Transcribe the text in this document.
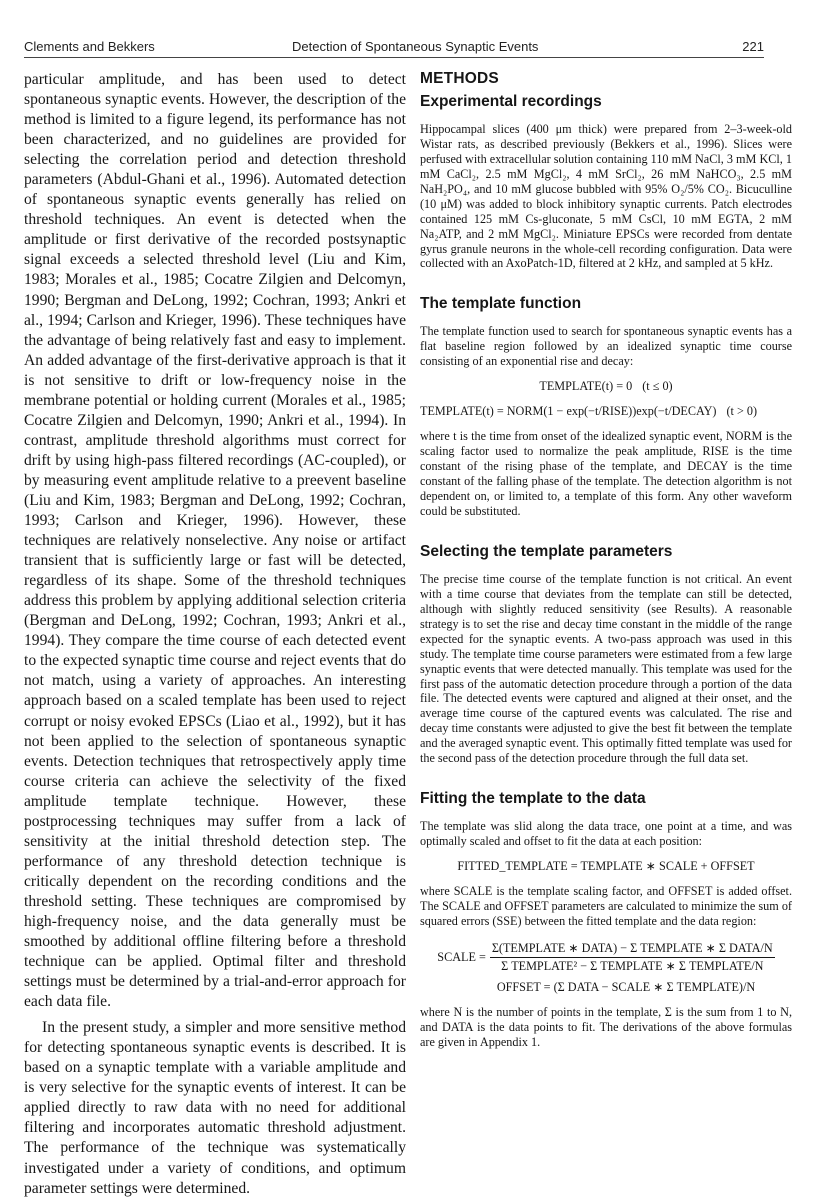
Clements and Bekkers	Detection of Spontaneous Synaptic Events	221

particular amplitude, and has been used to detect spontaneous synaptic events. However, the description of the method is limited to a figure legend, its performance has not been characterized, and no guidelines are provided for selecting the correlation period and detection threshold parameters (Abdul-Ghani et al., 1996). Automated detection of spontaneous synaptic events generally has relied on threshold techniques. An event is detected when the amplitude or first derivative of the recorded postsynaptic signal exceeds a selected threshold level (Liu and Kim, 1983; Morales et al., 1985; Cocatre Zilgien and Delcomyn, 1990; Bergman and DeLong, 1992; Cochran, 1993; Ankri et al., 1994; Carlson and Krieger, 1996). These techniques have the advantage of being relatively fast and easy to implement. An added advantage of the first-derivative approach is that it is not sensitive to drift or low-frequency noise in the membrane potential or holding current (Morales et al., 1985; Cocatre Zilgien and Delcomyn, 1990; Ankri et al., 1994). In contrast, amplitude threshold algorithms must correct for drift by using high-pass filtered recordings (AC-coupled), or by measuring event amplitude relative to a preevent baseline (Liu and Kim, 1983; Bergman and DeLong, 1992; Cochran, 1993; Carlson and Krieger, 1996). However, these techniques are relatively nonselective. Any noise or artifact transient that is sufficiently large or fast will be detected, regardless of its shape. Some of the threshold techniques address this problem by applying additional selection criteria (Bergman and DeLong, 1992; Cochran, 1993; Ankri et al., 1994). They compare the time course of each detected event to the expected synaptic time course and reject events that do not match, using a variety of approaches. An interesting approach based on a scaled template has been used to reject corrupt or noisy evoked EPSCs (Liao et al., 1992), but it has not been applied to the selection of spontaneous synaptic events. Detection techniques that retrospectively apply time course criteria can achieve the selectivity of the fixed amplitude template technique. However, these postprocessing techniques may suffer from a lack of sensitivity at the initial threshold detection step. The performance of any threshold detection technique is critically dependent on the recording conditions and the threshold setting. These techniques are compromised by high-frequency noise, and the data generally must be smoothed by additional offline filtering before a threshold technique can be applied. Optimal filter and threshold settings must be determined by a trial-and-error approach for each data file.

In the present study, a simpler and more sensitive method for detecting spontaneous synaptic events is described. It is based on a synaptic template with a variable amplitude and is very selective for the synaptic events of interest. It can be applied directly to raw data with no need for additional filtering and incorporates automatic threshold adjustment. The performance of the technique was systematically investigated under a variety of conditions, and optimum parameter settings were determined.

METHODS
Experimental recordings

Hippocampal slices (400 μm thick) were prepared from 2–3-week-old Wistar rats, as described previously (Bekkers et al., 1996). Slices were perfused with extracellular solution containing 110 mM NaCl, 3 mM KCl, 1 mM CaCl₂, 2.5 mM MgCl₂, 4 mM SrCl₂, 26 mM NaHCO₃, 2.5 mM NaH₂PO₄, and 10 mM glucose bubbled with 95% O₂/5% CO₂. Bicuculline (10 μM) was added to block inhibitory synaptic currents. Patch electrodes contained 125 mM Cs-gluconate, 5 mM CsCl, 10 mM EGTA, 2 mM Na₂ATP, and 2 mM MgCl₂. Miniature EPSCs were recorded from dentate gyrus granule neurons in the whole-cell recording configuration. Data were collected with an AxoPatch-1D, filtered at 2 kHz, and sampled at 5 kHz.

The template function

The template function used to search for spontaneous synaptic events has a flat baseline region followed by an idealized synaptic time course consisting of an exponential rise and decay:

TEMPLATE(t) = 0 (t ≤ 0)
TEMPLATE(t) = NORM(1 − exp(−t/RISE))exp(−t/DECAY) (t > 0)

where t is the time from onset of the idealized synaptic event, NORM is the scaling factor used to normalize the peak amplitude, RISE is the time constant of the rising phase of the template, and DECAY is the time constant of the falling phase of the template. The detection algorithm is not dependent on, or limited to, a template of this form. Any other waveform could be substituted.

Selecting the template parameters

The precise time course of the template function is not critical. An event with a time course that deviates from the template can still be detected, although with slightly reduced sensitivity (see Results). A reasonable strategy is to set the rise and decay time constant in the middle of the range expected for the synaptic events. A two-pass approach was used in this study. The template time course parameters were estimated from a few large synaptic events that were detected manually. This template was used for the first pass of the automatic detection procedure through a portion of the data file. The detected events were captured and aligned at their onset, and the average time course of the captured events was calculated. The rise and decay time constants were adjusted to give the best fit between the template and the averaged synaptic event. This optimally fitted template was used for the second pass of the detection procedure through the full data set.

Fitting the template to the data

The template was slid along the data trace, one point at a time, and was optimally scaled and offset to fit the data at each position:

FITTED_TEMPLATE = TEMPLATE ∗ SCALE + OFFSET

where SCALE is the template scaling factor, and OFFSET is added offset. The SCALE and OFFSET parameters are calculated to minimize the sum of squared errors (SSE) between the fitted template and the data region:

SCALE = $\frac{\text{Σ(TEMPLATE ∗ DATA) − Σ TEMPLATE ∗ Σ DATA/N}}{\text{Σ TEMPLATE² − Σ TEMPLATE ∗ Σ TEMPLATE/N}}$
OFFSET = (Σ DATA − SCALE ∗ Σ TEMPLATE)/N

where N is the number of points in the template, Σ is the sum from 1 to N, and DATA is the data points to fit. The derivations of the above formulas are given in Appendix 1.
